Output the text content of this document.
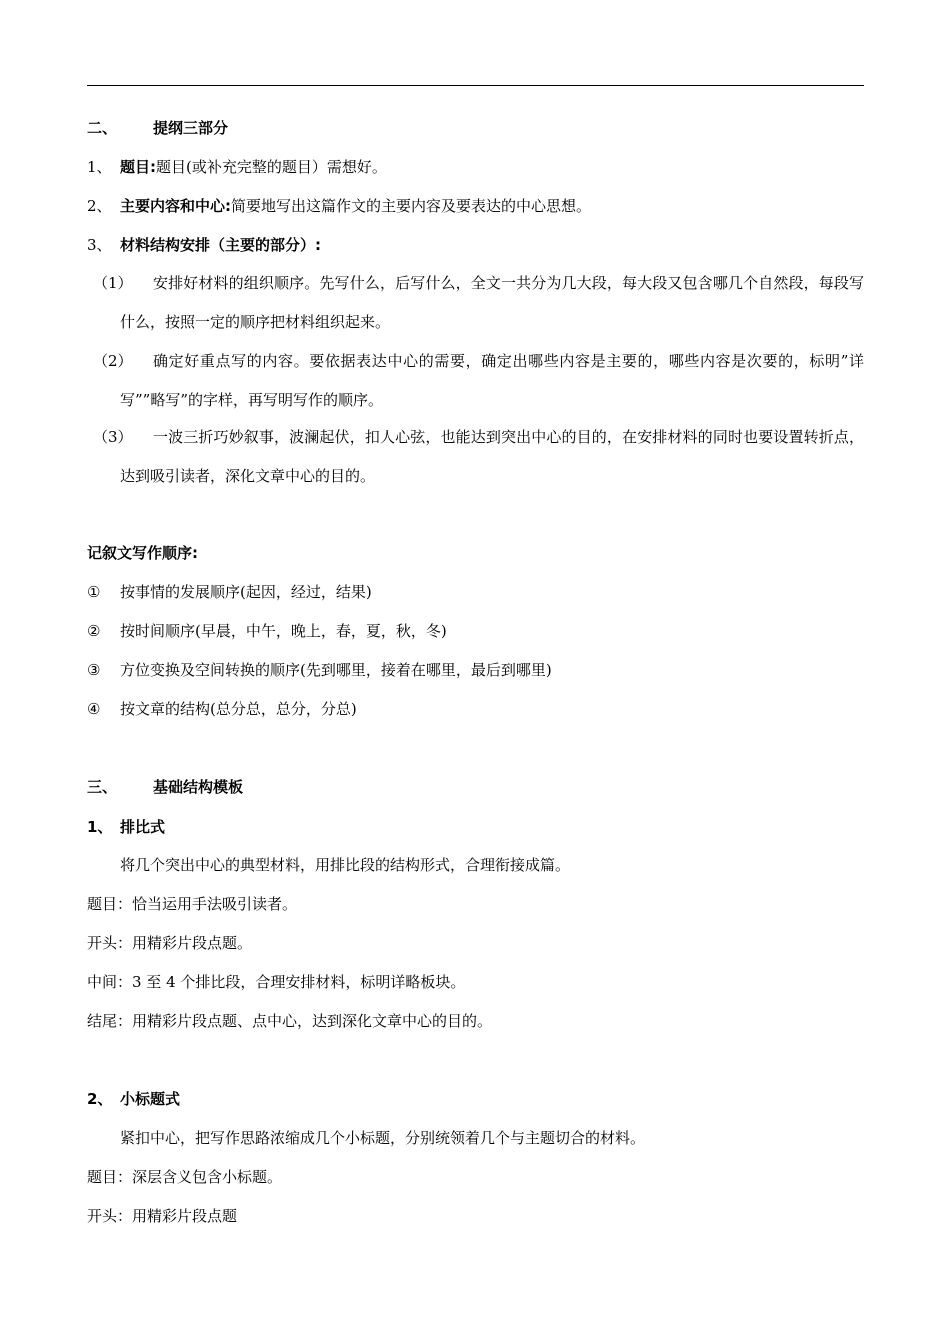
二、 提纲三部分
1、 题目:题目(或补充完整的题目）需想好。
2、 主要内容和中心:简要地写出这篇作文的主要内容及要表达的中心思想。
3、 材料结构安排（主要的部分）:
（1）	安排好材料的组织顺序。先写什么，后写什么，全文一共分为几大段，每大段又包含哪几个自然段，每段写什么，按照一定的顺序把材料组织起来。
（2）	确定好重点写的内容。要依据表达中心的需要，确定出哪些内容是主要的，哪些内容是次要的，标明”详写””略写”的字样，再写明写作的顺序。
（3）	一波三折巧妙叙事，波澜起伏，扣人心弦，也能达到突出中心的目的，在安排材料的同时也要设置转折点，达到吸引读者，深化文章中心的目的。
记叙文写作顺序:
① 按事情的发展顺序(起因，经过，结果)
② 按时间顺序(早晨，中午，晚上，春，夏，秋，冬)
③ 方位变换及空间转换的顺序(先到哪里，接着在哪里，最后到哪里)
④ 按文章的结构(总分总，总分，分总)
三、 基础结构模板
1、 排比式
将几个突出中心的典型材料，用排比段的结构形式，合理衔接成篇。
题目：恰当运用手法吸引读者。
开头：用精彩片段点题。
中间：3 至 4 个排比段，合理安排材料，标明详略板块。
结尾：用精彩片段点题、点中心，达到深化文章中心的目的。
2、 小标题式
紧扣中心，把写作思路浓缩成几个小标题，分别统领着几个与主题切合的材料。
题目：深层含义包含小标题。
开头：用精彩片段点题
